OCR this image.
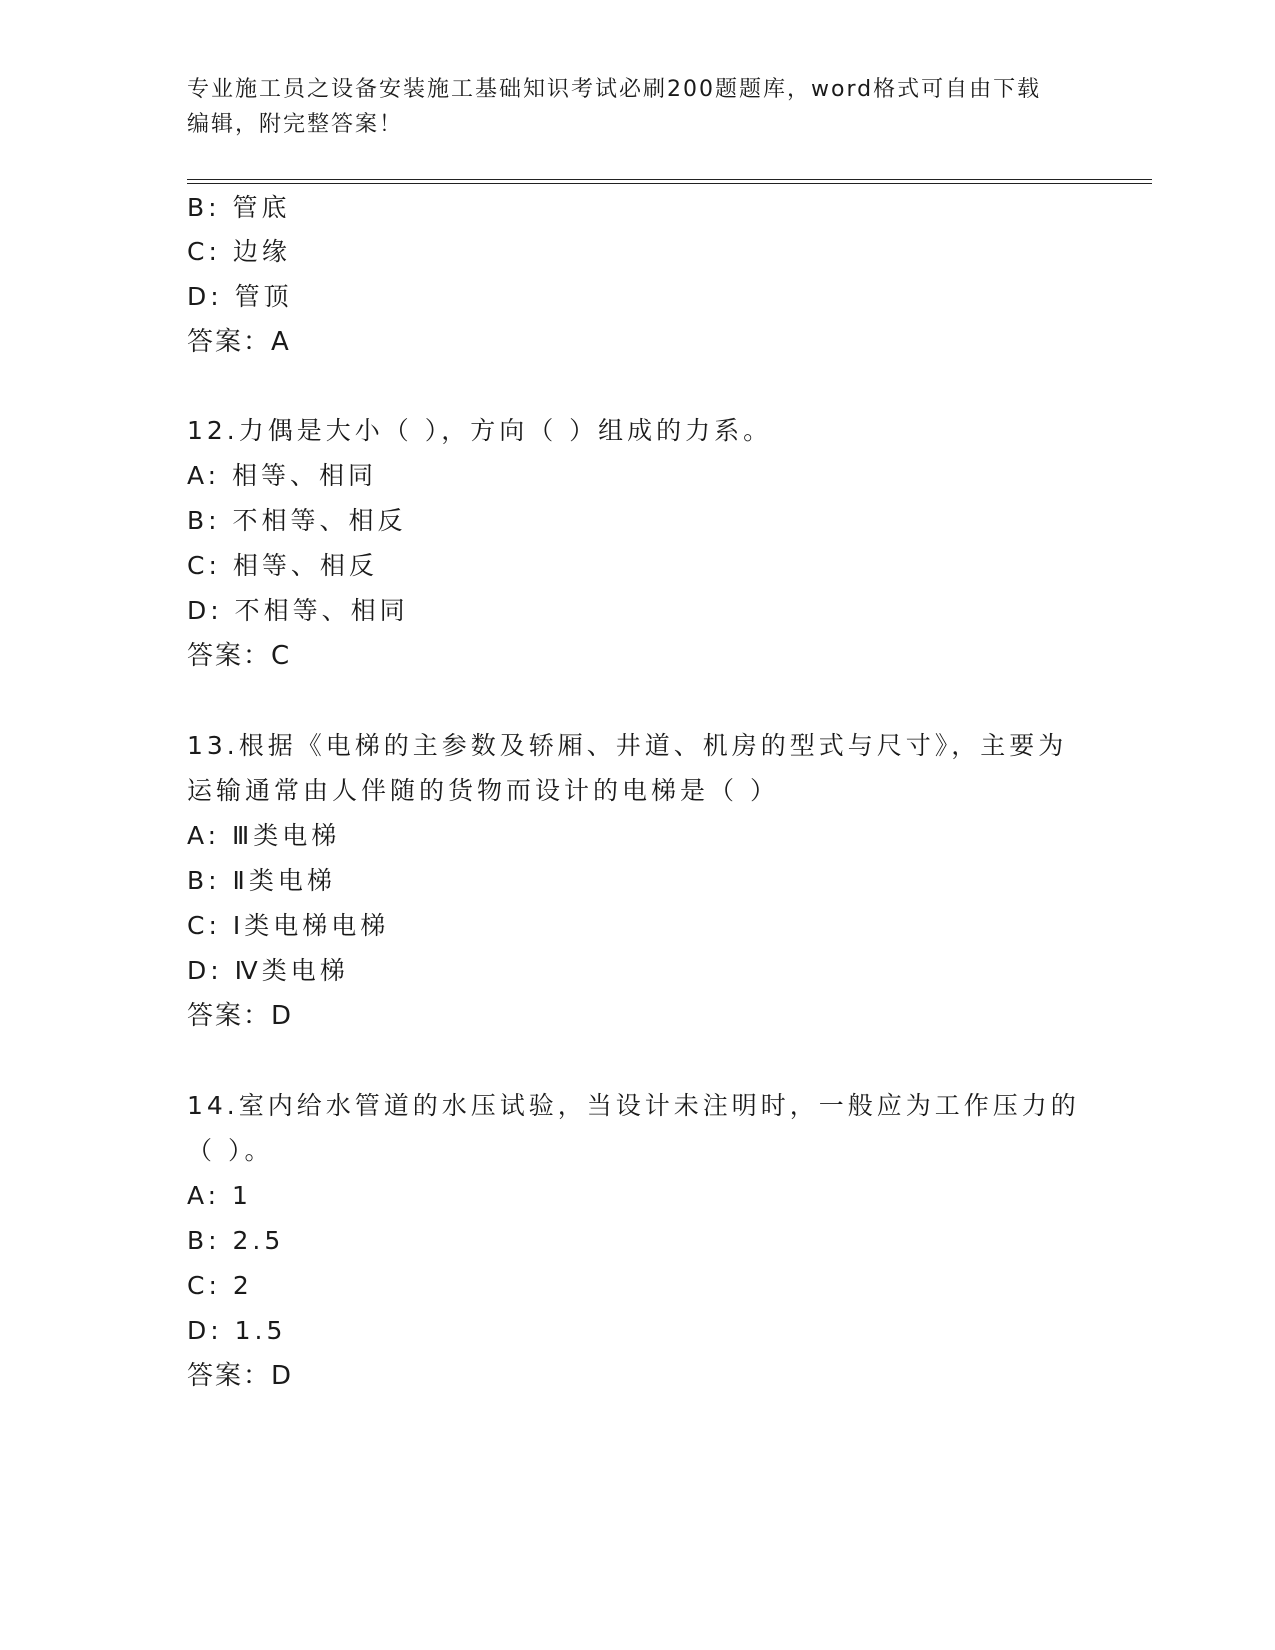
专业施工员之设备安装施工基础知识考试必刷200题题库，word格式可自由下载
编辑，附完整答案！
B: 管底
C: 边缘
D: 管顶
答案：A
12.力偶是大小（ ），方向（ ）组成的力系。
A: 相等、相同
B: 不相等、相反
C: 相等、相反
D: 不相等、相同
答案：C
13.根据《电梯的主参数及轿厢、井道、机房的型式与尺寸》，主要为
运输通常由人伴随的货物而设计的电梯是（ ）
A: Ⅲ类电梯
B: Ⅱ类电梯
C: Ⅰ类电梯电梯
D: Ⅳ类电梯
答案：D
14.室内给水管道的水压试验，当设计未注明时，一般应为工作压力的
（ ）。
A: 1
B: 2.5
C: 2
D: 1.5
答案：D
